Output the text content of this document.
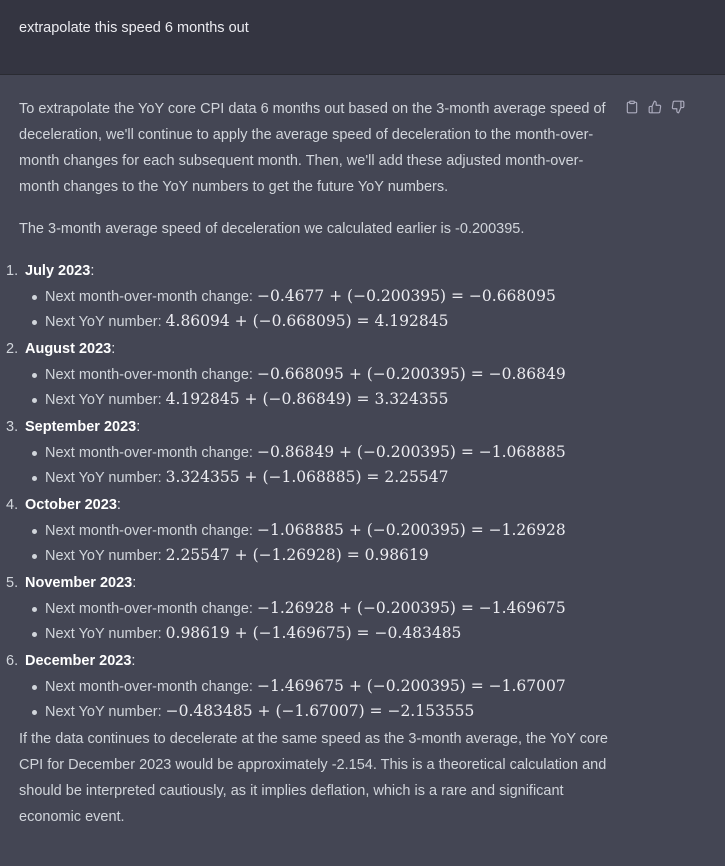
extrapolate this speed 6 months out

To extrapolate the YoY core CPI data 6 months out based on the 3-month average speed of deceleration, we'll continue to apply the average speed of deceleration to the month-over-month changes for each subsequent month. Then, we'll add these adjusted month-over-month changes to the YoY numbers to get the future YoY numbers.

The 3-month average speed of deceleration we calculated earlier is -0.200395.

1. July 2023:
Next month-over-month change: −0.4677 + (−0.200395) = −0.668095
Next YoY number: 4.86094 + (−0.668095) = 4.192845
2. August 2023:
Next month-over-month change: −0.668095 + (−0.200395) = −0.86849
Next YoY number: 4.192845 + (−0.86849) = 3.324355
3. September 2023:
Next month-over-month change: −0.86849 + (−0.200395) = −1.068885
Next YoY number: 3.324355 + (−1.068885) = 2.25547
4. October 2023:
Next month-over-month change: −1.068885 + (−0.200395) = −1.26928
Next YoY number: 2.25547 + (−1.26928) = 0.98619
5. November 2023:
Next month-over-month change: −1.26928 + (−0.200395) = −1.469675
Next YoY number: 0.98619 + (−1.469675) = −0.483485
6. December 2023:
Next month-over-month change: −1.469675 + (−0.200395) = −1.67007
Next YoY number: −0.483485 + (−1.67007) = −2.153555

If the data continues to decelerate at the same speed as the 3-month average, the YoY core CPI for December 2023 would be approximately -2.154. This is a theoretical calculation and should be interpreted cautiously, as it implies deflation, which is a rare and significant economic event.
